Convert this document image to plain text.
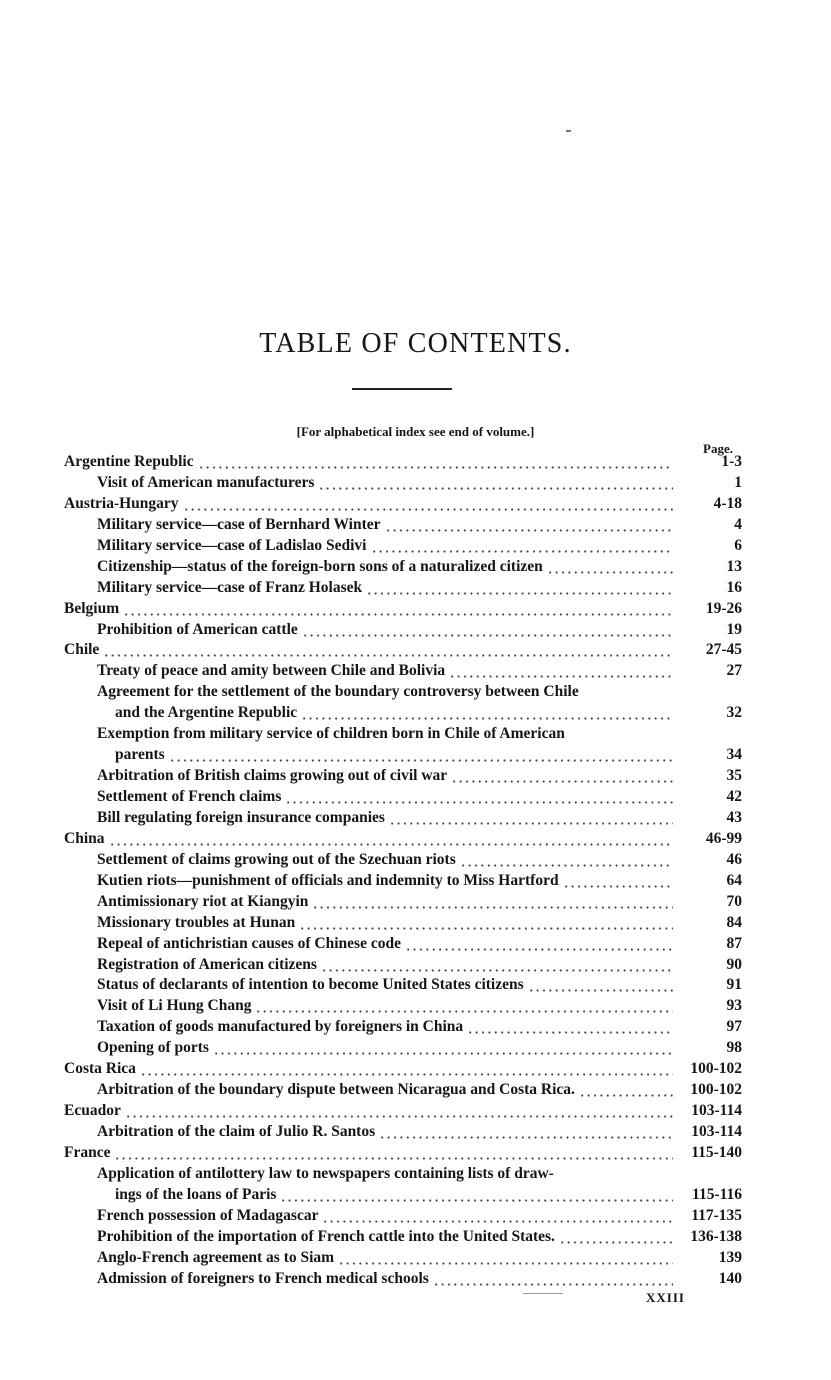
TABLE OF CONTENTS.
[For alphabetical index see end of volume.]
Page.
Argentine Republic	1-3
Visit of American manufacturers	1
Austria-Hungary	4-18
Military service—case of Bernhard Winter	4
Military service—case of Ladislao Sedivi	6
Citizenship—status of the foreign-born sons of a naturalized citizen	13
Military service—case of Franz Holasek	16
Belgium	19-26
Prohibition of American cattle	19
Chile	27-45
Treaty of peace and amity between Chile and Bolivia	27
Agreement for the settlement of the boundary controversy between Chile
and the Argentine Republic	32
Exemption from military service of children born in Chile of American
parents	34
Arbitration of British claims growing out of civil war	35
Settlement of French claims	42
Bill regulating foreign insurance companies	43
China	46-99
Settlement of claims growing out of the Szechuan riots	46
Kutien riots—punishment of officials and indemnity to Miss Hartford	64
Antimissionary riot at Kiangyin	70
Missionary troubles at Hunan	84
Repeal of antichristian causes of Chinese code	87
Registration of American citizens	90
Status of declarants of intention to become United States citizens	91
Visit of Li Hung Chang	93
Taxation of goods manufactured by foreigners in China	97
Opening of ports	98
Costa Rica	100-102
Arbitration of the boundary dispute between Nicaragua and Costa Rica.	100-102
Ecuador	103-114
Arbitration of the claim of Julio R. Santos	103-114
France	115-140
Application of antilottery law to newspapers containing lists of draw-
ings of the loans of Paris	115-116
French possession of Madagascar	117-135
Prohibition of the importation of French cattle into the United States.	136-138
Anglo-French agreement as to Siam	139
Admission of foreigners to French medical schools	140
XXIII
